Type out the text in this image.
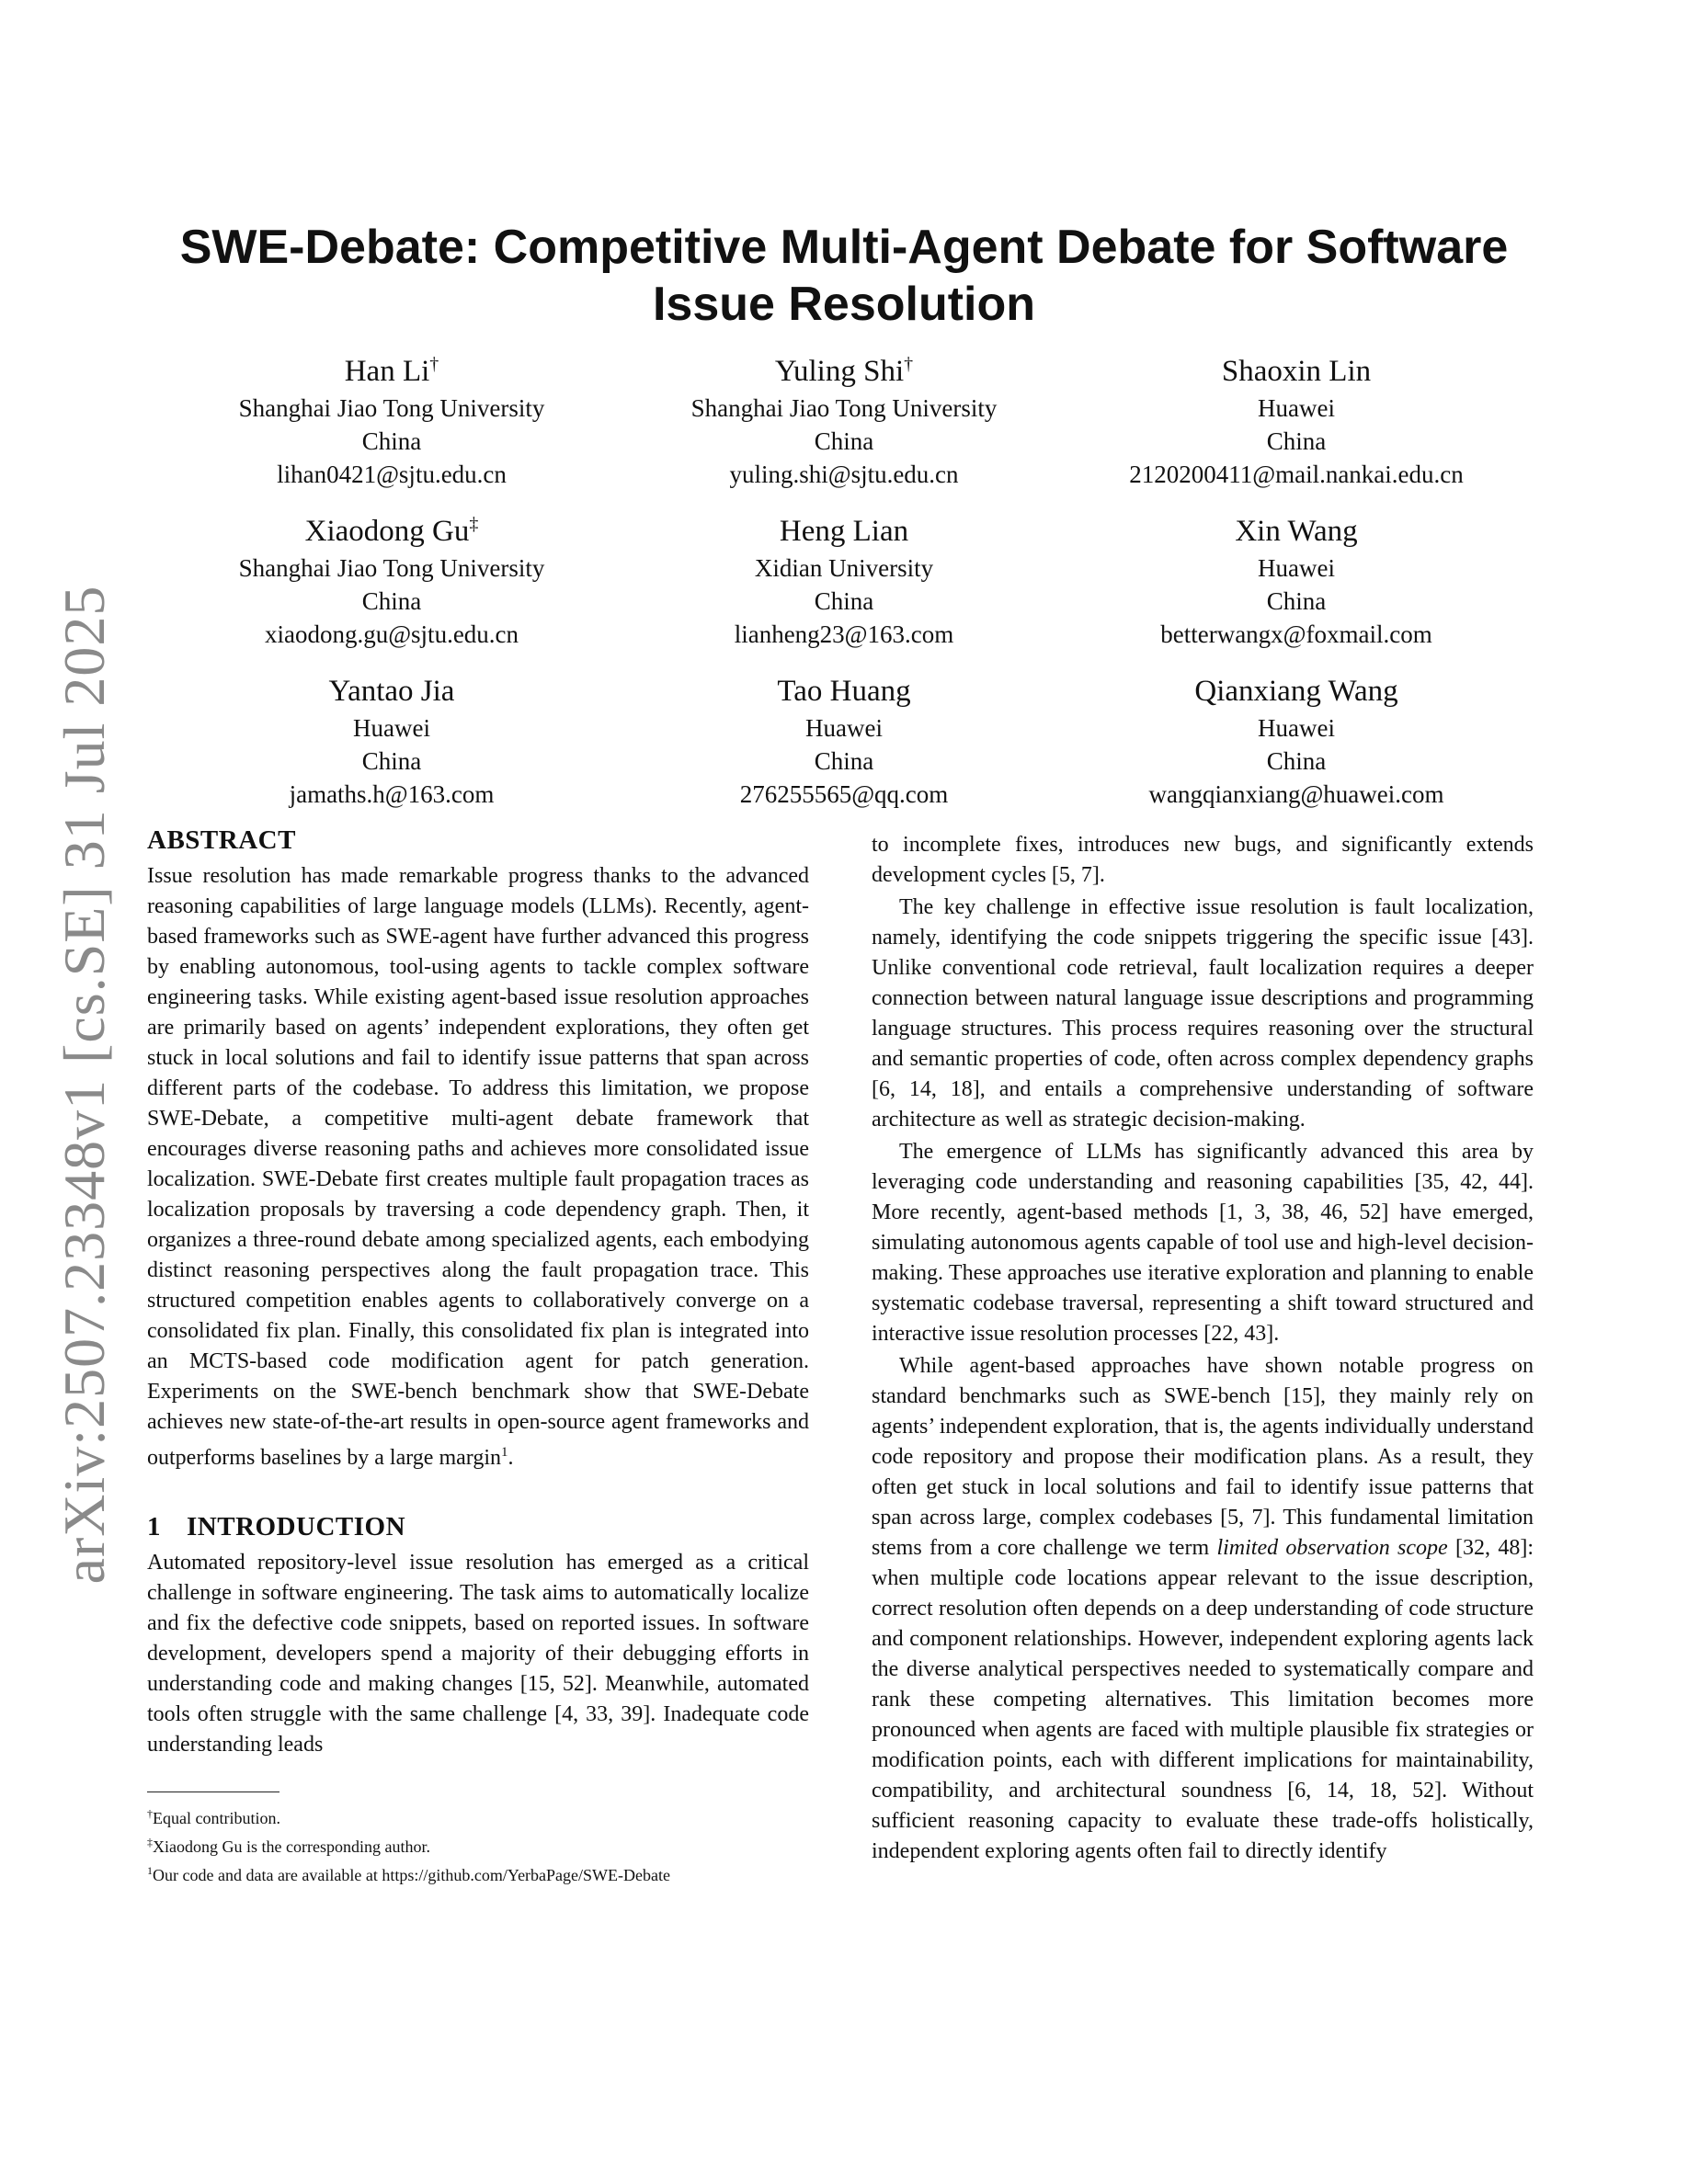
arXiv:2507.23348v1 [cs.SE] 31 Jul 2025
SWE-Debate: Competitive Multi-Agent Debate for Software Issue Resolution
Han Li†
Shanghai Jiao Tong University
China
lihan0421@sjtu.edu.cn
Yuling Shi†
Shanghai Jiao Tong University
China
yuling.shi@sjtu.edu.cn
Shaoxin Lin
Huawei
China
2120200411@mail.nankai.edu.cn
Xiaodong Gu‡
Shanghai Jiao Tong University
China
xiaodong.gu@sjtu.edu.cn
Heng Lian
Xidian University
China
lianheng23@163.com
Xin Wang
Huawei
China
betterwangx@foxmail.com
Yantao Jia
Huawei
China
jamaths.h@163.com
Tao Huang
Huawei
China
276255565@qq.com
Qianxiang Wang
Huawei
China
wangqianxiang@huawei.com
ABSTRACT

Issue resolution has made remarkable progress thanks to the advanced reasoning capabilities of large language models (LLMs). Recently, agent-based frameworks such as SWE-agent have further advanced this progress by enabling autonomous, tool-using agents to tackle complex software engineering tasks. While existing agent-based issue resolution approaches are primarily based on agents’ independent explorations, they often get stuck in local solutions and fail to identify issue patterns that span across different parts of the codebase. To address this limitation, we propose SWE-Debate, a competitive multi-agent debate framework that encourages diverse reasoning paths and achieves more consolidated issue localization. SWE-Debate first creates multiple fault propagation traces as localization proposals by traversing a code dependency graph. Then, it organizes a three-round debate among specialized agents, each embodying distinct reasoning perspectives along the fault propagation trace. This structured competition enables agents to collaboratively converge on a consolidated fix plan. Finally, this consolidated fix plan is integrated into an MCTS-based code modification agent for patch generation. Experiments on the SWE-bench benchmark show that SWE-Debate achieves new state-of-the-art results in open-source agent frameworks and outperforms baselines by a large margin$^1$.

1 INTRODUCTION

Automated repository-level issue resolution has emerged as a critical challenge in software engineering. The task aims to automatically localize and fix the defective code snippets, based on reported issues. In software development, developers spend a majority of their debugging efforts in understanding code and making changes [15, 52]. Meanwhile, automated tools often struggle with the same challenge [4, 33, 39]. Inadequate code understanding leads

†Equal contribution.
‡Xiaodong Gu is the corresponding author.
$^1$Our code and data are available at https://github.com/YerbaPage/SWE-Debate

to incomplete fixes, introduces new bugs, and significantly extends development cycles [5, 7].

The key challenge in effective issue resolution is fault localization, namely, identifying the code snippets triggering the specific issue [43]. Unlike conventional code retrieval, fault localization requires a deeper connection between natural language issue descriptions and programming language structures. This process requires reasoning over the structural and semantic properties of code, often across complex dependency graphs [6, 14, 18], and entails a comprehensive understanding of software architecture as well as strategic decision-making.

The emergence of LLMs has significantly advanced this area by leveraging code understanding and reasoning capabilities [35, 42, 44]. More recently, agent-based methods [1, 3, 38, 46, 52] have emerged, simulating autonomous agents capable of tool use and high-level decision-making. These approaches use iterative exploration and planning to enable systematic codebase traversal, representing a shift toward structured and interactive issue resolution processes [22, 43].

While agent-based approaches have shown notable progress on standard benchmarks such as SWE-bench [15], they mainly rely on agents’ independent exploration, that is, the agents individually understand code repository and propose their modification plans. As a result, they often get stuck in local solutions and fail to identify issue patterns that span across large, complex codebases [5, 7]. This fundamental limitation stems from a core challenge we term limited observation scope [32, 48]: when multiple code locations appear relevant to the issue description, correct resolution often depends on a deep understanding of code structure and component relationships. However, independent exploring agents lack the diverse analytical perspectives needed to systematically compare and rank these competing alternatives. This limitation becomes more pronounced when agents are faced with multiple plausible fix strategies or modification points, each with different implications for maintainability, compatibility, and architectural soundness [6, 14, 18, 52]. Without sufficient reasoning capacity to evaluate these trade-offs holistically, independent exploring agents often fail to directly identify
